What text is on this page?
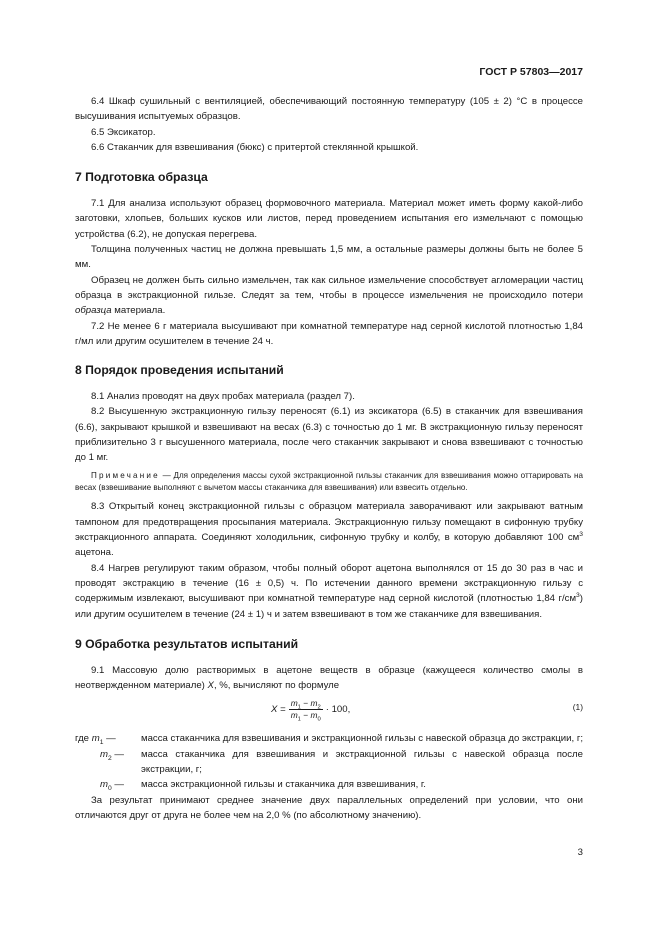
ГОСТ Р 57803—2017

6.4 Шкаф сушильный с вентиляцией, обеспечивающий постоянную температуру (105 ± 2) °С в процессе высушивания испытуемых образцов.

6.5 Эксикатор.

6.6 Стаканчик для взвешивания (бюкс) с притертой стеклянной крышкой.

7 Подготовка образца

7.1 Для анализа используют образец формовочного материала. Материал может иметь форму какой-либо заготовки, хлопьев, больших кусков или листов, перед проведением испытания его измельчают с помощью устройства (6.2), не допуская перегрева.

Толщина полученных частиц не должна превышать 1,5 мм, а остальные размеры должны быть не более 5 мм.

Образец не должен быть сильно измельчен, так как сильное измельчение способствует агломерации частиц образца в экстракционной гильзе. Следят за тем, чтобы в процессе измельчения не происходило потери образца материала.

7.2 Не менее 6 г материала высушивают при комнатной температуре над серной кислотой плотностью 1,84 г/мл или другим осушителем в течение 24 ч.

8 Порядок проведения испытаний

8.1 Анализ проводят на двух пробах материала (раздел 7).

8.2 Высушенную экстракционную гильзу переносят (6.1) из эксикатора (6.5) в стаканчик для взвешивания (6.6), закрывают крышкой и взвешивают на весах (6.3) с точностью до 1 мг. В экстракционную гильзу переносят приблизительно 3 г высушенного материала, после чего стаканчик закрывают и снова взвешивают с точностью до 1 мг.

Примечание — Для определения массы сухой экстракционной гильзы стаканчик для взвешивания можно оттарировать на весах (взвешивание выполняют с вычетом массы стаканчика для взвешивания) или взвесить отдельно.

8.3 Открытый конец экстракционной гильзы с образцом материала заворачивают или закрывают ватным тампоном для предотвращения просыпания материала. Экстракционную гильзу помещают в сифонную трубку экстракционного аппарата. Соединяют холодильник, сифонную трубку и колбу, в которую добавляют 100 $см^3$ ацетона.

8.4 Нагрев регулируют таким образом, чтобы полный оборот ацетона выполнялся от 15 до 30 раз в час и проводят экстракцию в течение (16 ± 0,5) ч. По истечении данного времени экстракционную гильзу с содержимым извлекают, высушивают при комнатной температуре над серной кислотой (плотностью 1,84 $г/см^3$) или другим осушителем в течение (24 ± 1) ч и затем взвешивают в том же стаканчике для взвешивания.

9 Обработка результатов испытаний

9.1 Массовую долю растворимых в ацетоне веществ в образце (кажущееся количество смолы в неотвержденном материале) X, %, вычисляют по формуле

X
= $\frac{m_1 - m_2}{m_1 - m_0} \cdot 100$,	(1)
где $m_1$ —	масса стаканчика для взвешивания и экстракционной гильзы с навеской образца до экстракции, г;
$m_2$ — масса стаканчика для взвешивания и экстракционной гильзы с навеской образца после экстракции, г;
$m_0$ — масса экстракционной гильзы и стаканчика для взвешивания, г.

За результат принимают среднее значение двух параллельных определений при условии, что они отличаются друг от друга не более чем на 2,0 % (по абсолютному значению).

3
